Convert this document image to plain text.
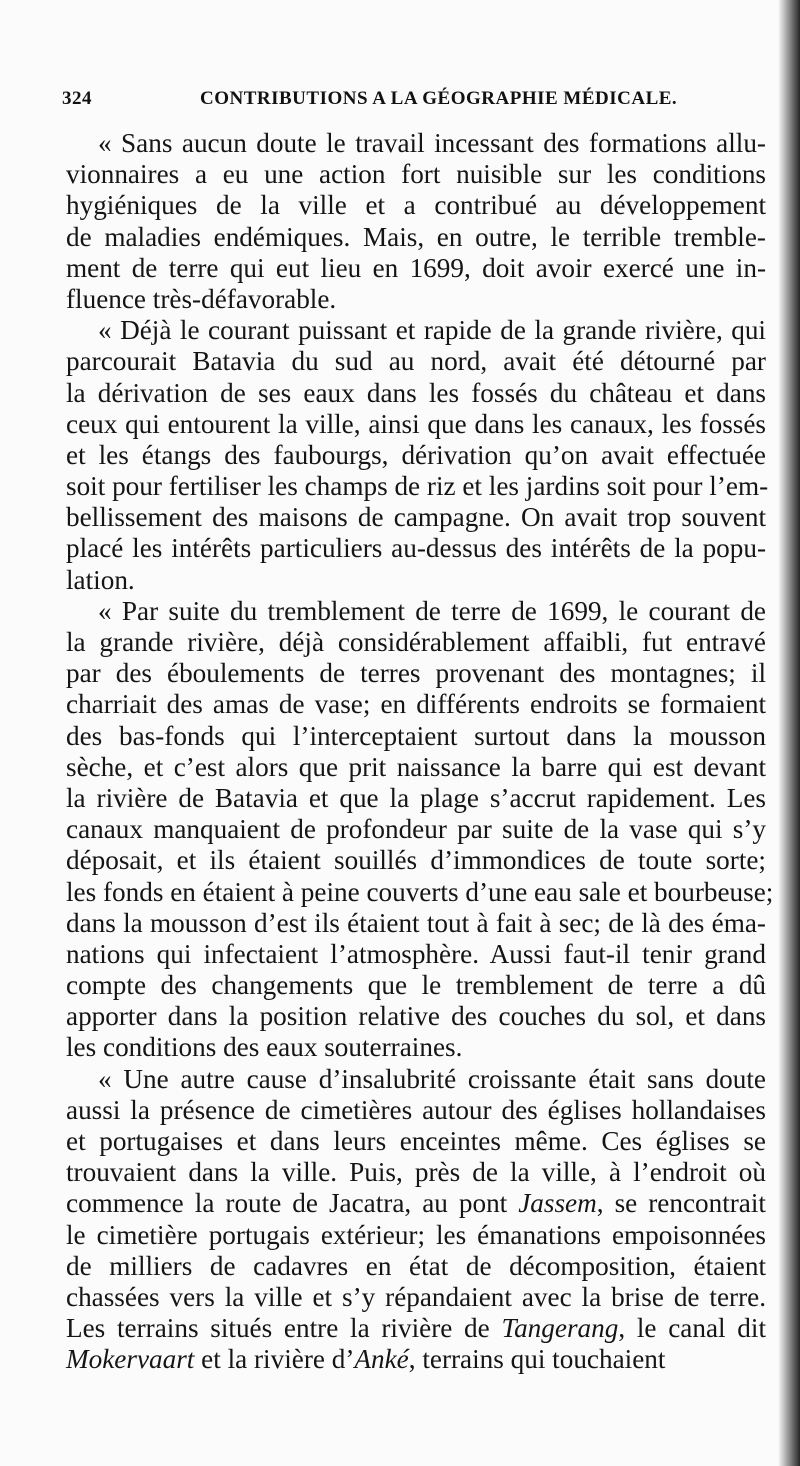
324	CONTRIBUTIONS A LA GÉOGRAPHIE MÉDICALE.
« Sans aucun doute le travail incessant des formations allu-
vionnaires a eu une action fort nuisible sur les conditions
hygiéniques de la ville et a contribué au développement
de maladies endémiques. Mais, en outre, le terrible tremble-
ment de terre qui eut lieu en 1699, doit avoir exercé une in-
fluence très-défavorable.
« Déjà le courant puissant et rapide de la grande rivière, qui
parcourait Batavia du sud au nord, avait été détourné par
la dérivation de ses eaux dans les fossés du château et dans
ceux qui entourent la ville, ainsi que dans les canaux, les fossés
et les étangs des faubourgs, dérivation qu’on avait effectuée
soit pour fertiliser les champs de riz et les jardins soit pour l’em-
bellissement des maisons de campagne. On avait trop souvent
placé les intérêts particuliers au-dessus des intérêts de la popu-
lation.
« Par suite du tremblement de terre de 1699, le courant de
la grande rivière, déjà considérablement affaibli, fut entravé
par des éboulements de terres provenant des montagnes; il
charriait des amas de vase; en différents endroits se formaient
des bas-fonds qui l’interceptaient surtout dans la mousson
sèche, et c’est alors que prit naissance la barre qui est devant
la rivière de Batavia et que la plage s’accrut rapidement. Les
canaux manquaient de profondeur par suite de la vase qui s’y
déposait, et ils étaient souillés d’immondices de toute sorte;
les fonds en étaient à peine couverts d’une eau sale et bourbeuse;
dans la mousson d’est ils étaient tout à fait à sec; de là des éma-
nations qui infectaient l’atmosphère. Aussi faut-il tenir grand
compte des changements que le tremblement de terre a dû
apporter dans la position relative des couches du sol, et dans
les conditions des eaux souterraines.
« Une autre cause d’insalubrité croissante était sans doute
aussi la présence de cimetières autour des églises hollandaises
et portugaises et dans leurs enceintes même. Ces églises se
trouvaient dans la ville. Puis, près de la ville, à l’endroit où
commence la route de Jacatra, au pont Jassem, se rencontrait
le cimetière portugais extérieur; les émanations empoisonnées
de milliers de cadavres en état de décomposition, étaient
chassées vers la ville et s’y répandaient avec la brise de terre.
Les terrains situés entre la rivière de Tangerang, le canal dit
Mokervaart et la rivière d’Anké, terrains qui touchaient
